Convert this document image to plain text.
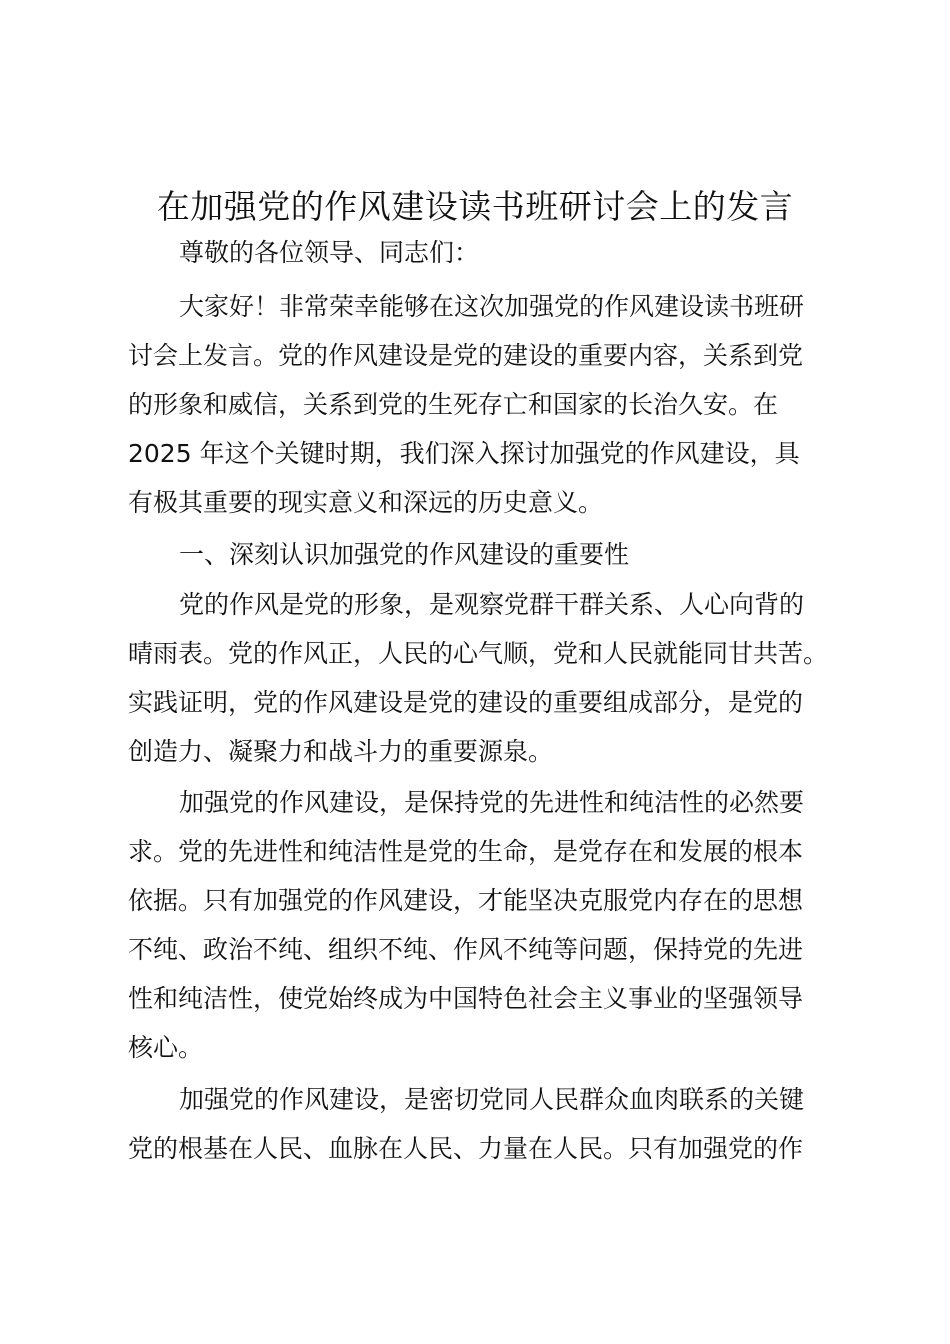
在加强党的作风建设读书班研讨会上的发言
尊敬的各位领导、同志们：
大家好！非常荣幸能够在这次加强党的作风建设读书班研
讨会上发言。党的作风建设是党的建设的重要内容，关系到党
的形象和威信，关系到党的生死存亡和国家的长治久安。在
2025 年这个关键时期，我们深入探讨加强党的作风建设，具
有极其重要的现实意义和深远的历史意义。
一、深刻认识加强党的作风建设的重要性
党的作风是党的形象，是观察党群干群关系、人心向背的
晴雨表。党的作风正，人民的心气顺，党和人民就能同甘共苦。
实践证明，党的作风建设是党的建设的重要组成部分，是党的
创造力、凝聚力和战斗力的重要源泉。
加强党的作风建设，是保持党的先进性和纯洁性的必然要
求。党的先进性和纯洁性是党的生命，是党存在和发展的根本
依据。只有加强党的作风建设，才能坚决克服党内存在的思想
不纯、政治不纯、组织不纯、作风不纯等问题，保持党的先进
性和纯洁性，使党始终成为中国特色社会主义事业的坚强领导
核心。
加强党的作风建设，是密切党同人民群众血肉联系的关键
党的根基在人民、血脉在人民、力量在人民。只有加强党的作
